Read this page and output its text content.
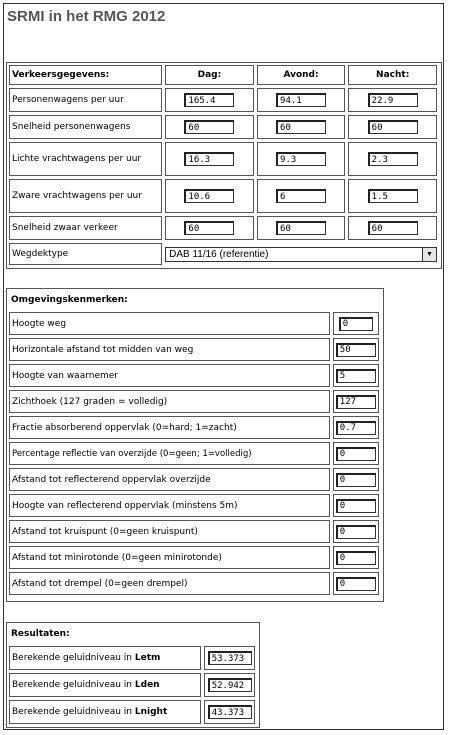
SRMI in het RMG 2012
Verkeersgegevens:	Dag:	Avond:	Nacht:
Personenwagens per uur	165.4	94.1	22.9
Snelheid personenwagens	60	60	60
Lichte vrachtwagens per uur	16.3	9.3	2.3
Zware vrachtwagens per uur	10.6	6	1.5
Snelheid zwaar verkeer	60	60	60
Wegdektype	DAB 11/16 (referentie) ▼		
Omgevingskenmerken:	
Hoogte weg	0
Horizontale afstand tot midden van weg	50
Hoogte van waarnemer	5
Zichthoek (127 graden = volledig)	127
Fractie absorberend oppervlak (0=hard; 1=zacht)	0.7
Percentage reflectie van overzijde (0=geen; 1=volledig)	0
Afstand tot reflecterend oppervlak overzijde	0
Hoogte van reflecterend oppervlak (minstens 5m)	0
Afstand tot kruispunt (0=geen kruispunt)	0
Afstand tot minirotonde (0=geen minirotonde)	0
Afstand tot drempel (0=geen drempel)	0
Resultaten:	
Berekende geluidniveau in Letm	53.373
Berekende geluidniveau in Lden	52.942
Berekende geluidniveau in Lnight	43.373
